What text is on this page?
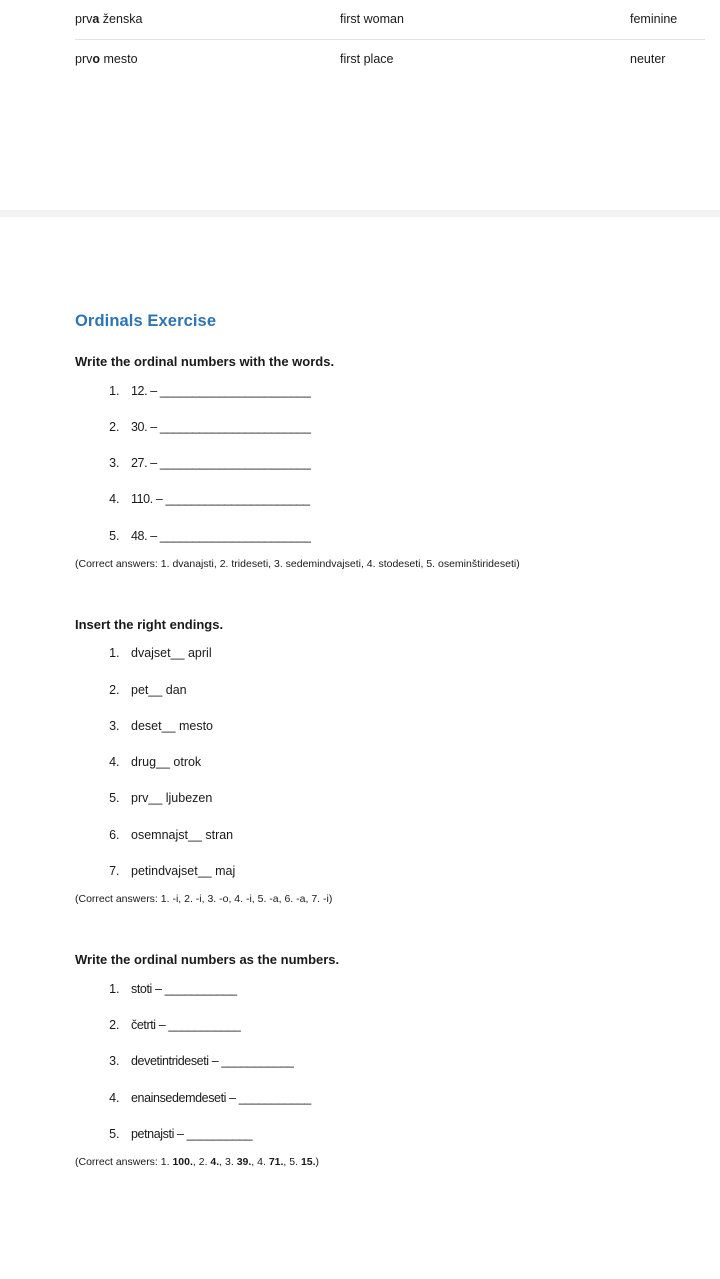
prva ženska	first woman	feminine
prvo mesto	first place	neuter
Ordinals Exercise
Write the ordinal numbers with the words.
1. 12. – _______________________
2. 30. – _______________________
3. 27. – _______________________
4. 110. – ______________________
5. 48. – _______________________

(Correct answers: 1. dvanajsti, 2. trideseti, 3. sedemindvajseti, 4. stodeseti, 5. oseminštirideseti)

Insert the right endings.
1. dvajset__ april
2. pet__ dan
3. deset__ mesto
4. drug__ otrok
5. prv__ ljubezen
6. osemnajst__ stran
7. petindvajset__ maj

(Correct answers: 1. -i, 2. -i, 3. -o, 4. -i, 5. -a, 6. -a, 7. -i)

Write the ordinal numbers as the numbers.
1. stoti – ___________
2. četrti – ___________
3. devetintrideseti – ___________
4. enainsedemdeseti – ___________
5. petnajsti – __________

(Correct answers: 1. 100., 2. 4., 3. 39., 4. 71., 5. 15.)
